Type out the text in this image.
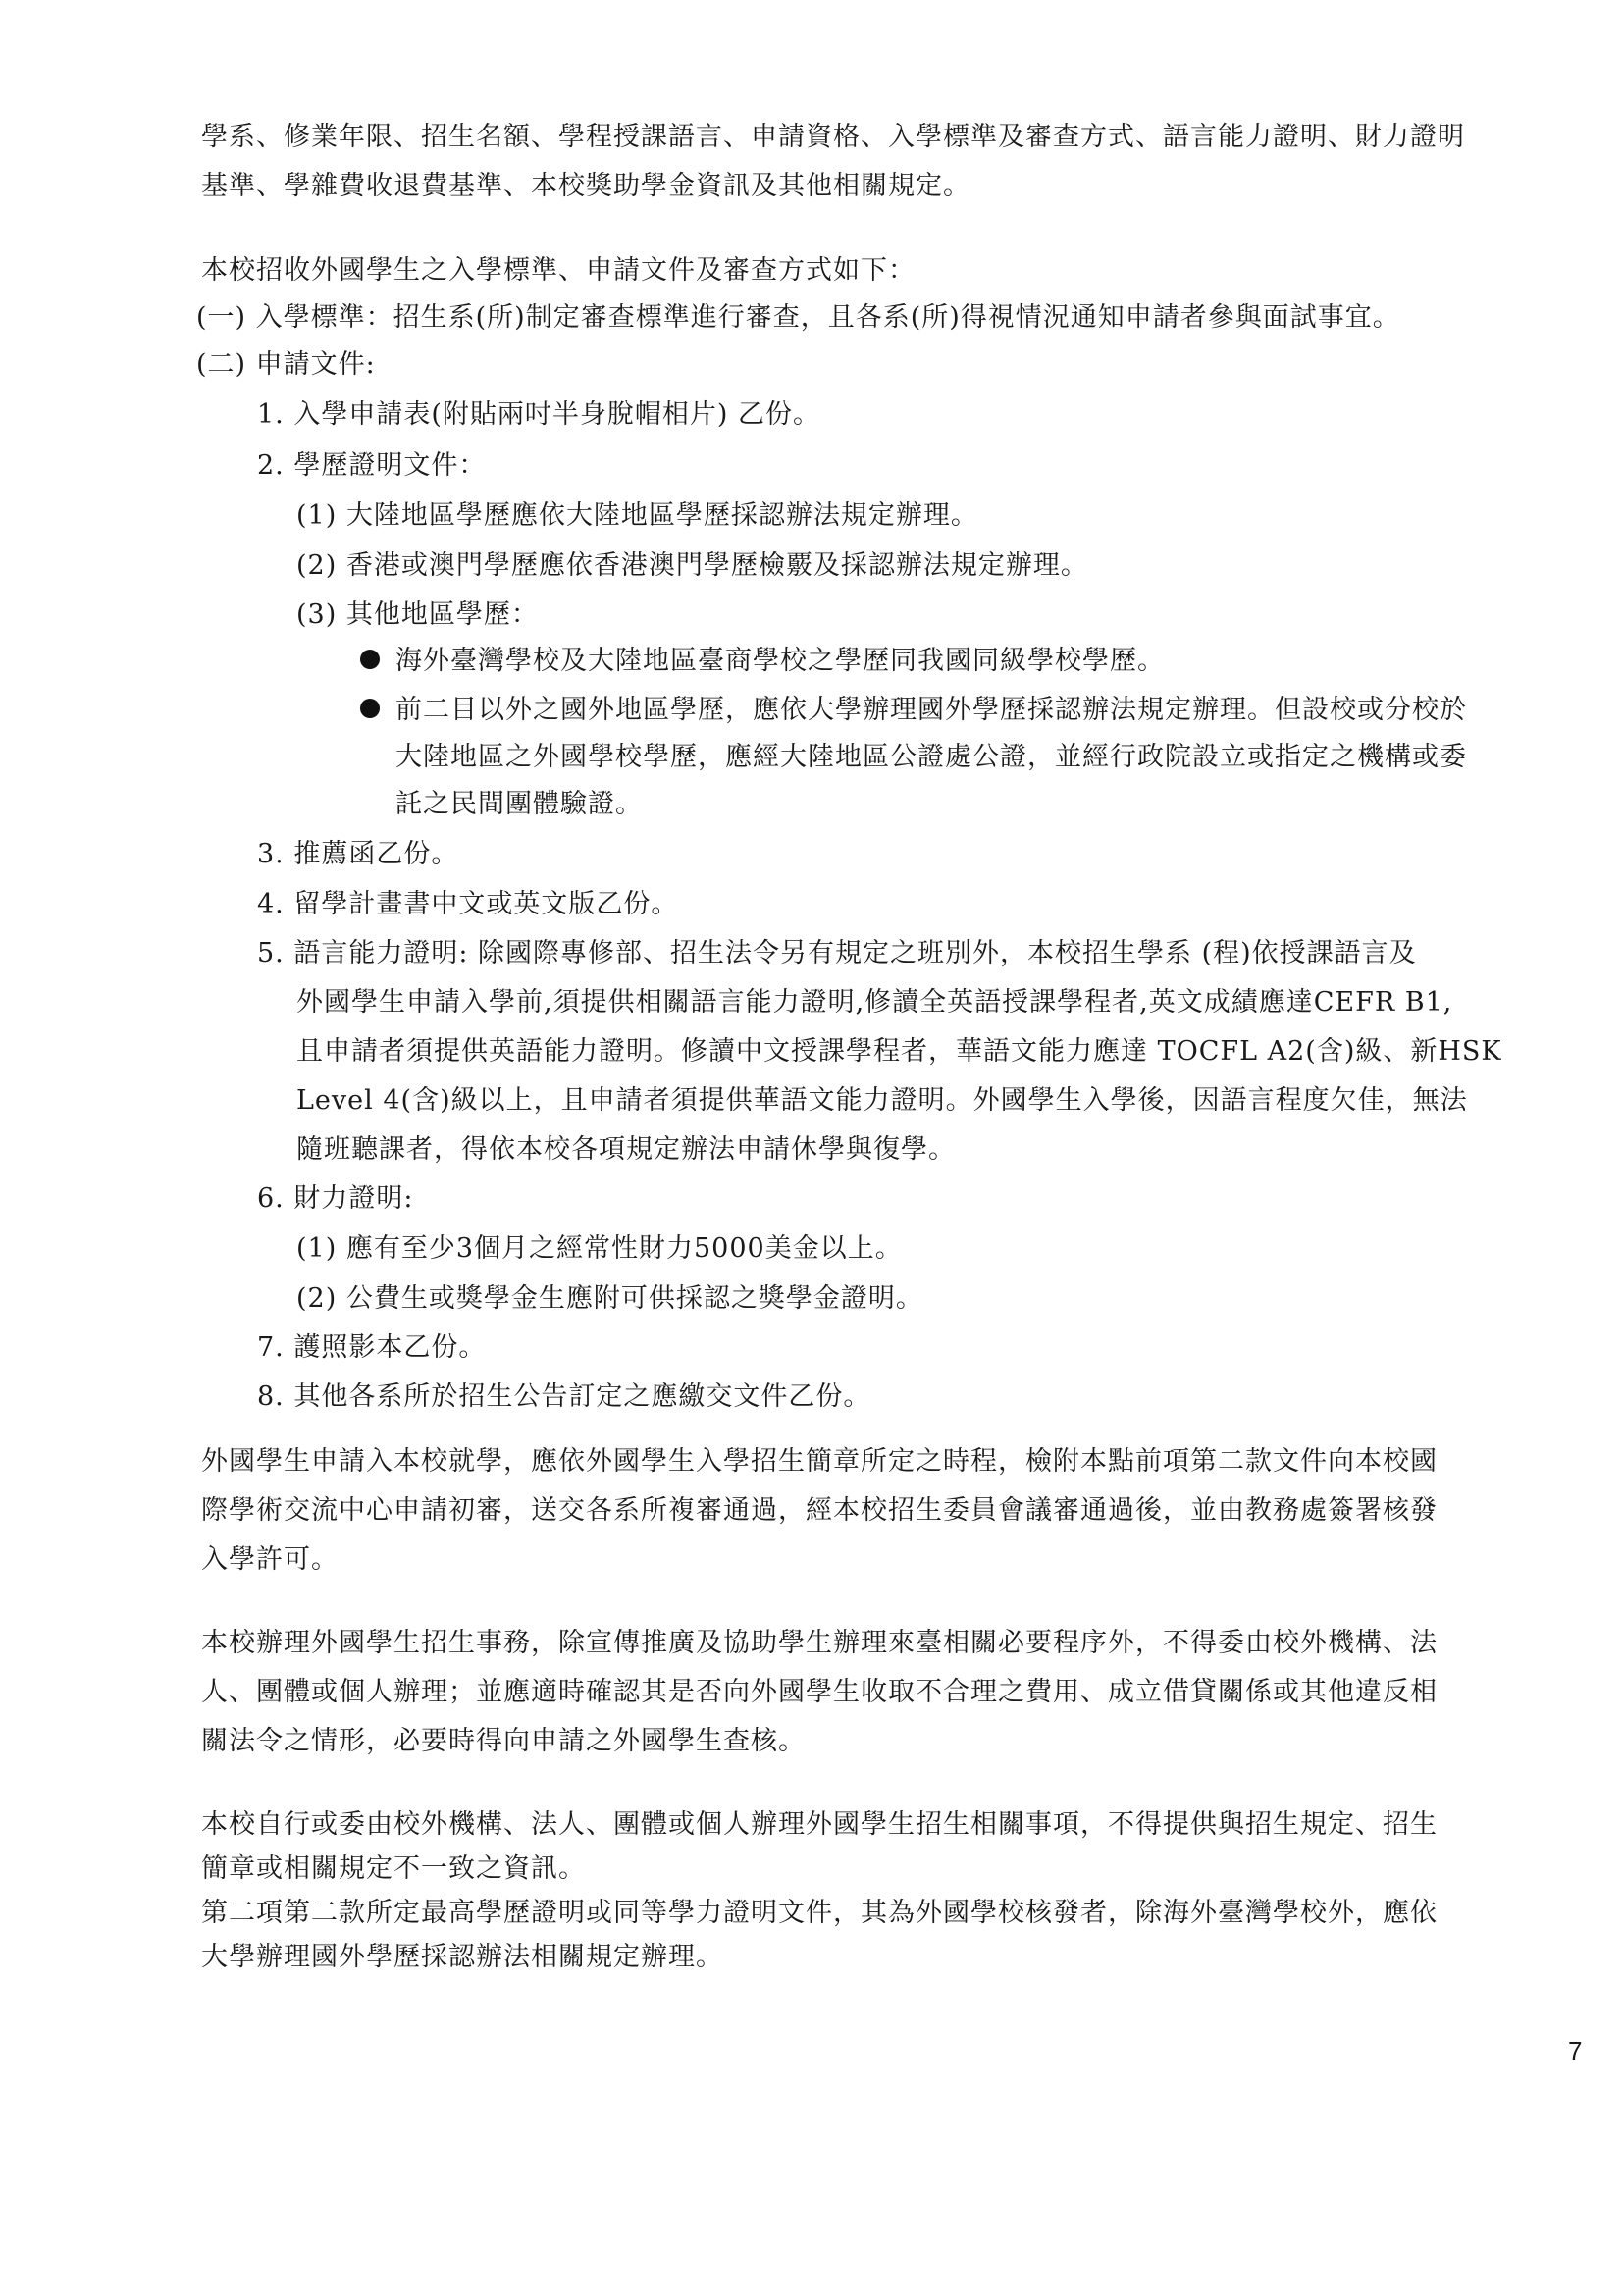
學系、修業年限、招生名額、學程授課語言、申請資格、入學標準及審查方式、語言能力證明、財力證明
基準、學雜費收退費基準、本校獎助學金資訊及其他相關規定。
本校招收外國學生之入學標準、申請文件及審查方式如下：
(一) 入學標準：招生系(所)制定審查標準進行審查，且各系(所)得視情況通知申請者參與面試事宜。
(二) 申請文件:
1. 入學申請表(附貼兩吋半身脫帽相片) 乙份。
2. 學歷證明文件：
(1) 大陸地區學歷應依大陸地區學歷採認辦法規定辦理。
(2) 香港或澳門學歷應依香港澳門學歷檢覈及採認辦法規定辦理。
(3) 其他地區學歷：
海外臺灣學校及大陸地區臺商學校之學歷同我國同級學校學歷。
前二目以外之國外地區學歷，應依大學辦理國外學歷採認辦法規定辦理。但設校或分校於
大陸地區之外國學校學歷，應經大陸地區公證處公證，並經行政院設立或指定之機構或委
託之民間團體驗證。
3. 推薦函乙份。
4. 留學計畫書中文或英文版乙份。
5. 語言能力證明: 除國際專修部、招生法令另有規定之班別外，本校招生學系 (程)依授課語言及
外國學生申請入學前,須提供相關語言能力證明,修讀全英語授課學程者,英文成績應達CEFR B1,
且申請者須提供英語能力證明。修讀中文授課學程者，華語文能力應達 TOCFL A2(含)級、新HSK
Level 4(含)級以上，且申請者須提供華語文能力證明。外國學生入學後，因語言程度欠佳，無法
隨班聽課者，得依本校各項規定辦法申請休學與復學。
6. 財力證明:
(1) 應有至少3個月之經常性財力5000美金以上。
(2) 公費生或獎學金生應附可供採認之獎學金證明。
7. 護照影本乙份。
8. 其他各系所於招生公告訂定之應繳交文件乙份。
外國學生申請入本校就學，應依外國學生入學招生簡章所定之時程，檢附本點前項第二款文件向本校國
際學術交流中心申請初審，送交各系所複審通過，經本校招生委員會議審通過後，並由教務處簽署核發
入學許可。
本校辦理外國學生招生事務，除宣傳推廣及協助學生辦理來臺相關必要程序外，不得委由校外機構、法
人、團體或個人辦理；並應適時確認其是否向外國學生收取不合理之費用、成立借貸關係或其他違反相
關法令之情形，必要時得向申請之外國學生查核。
本校自行或委由校外機構、法人、團體或個人辦理外國學生招生相關事項，不得提供與招生規定、招生
簡章或相關規定不一致之資訊。
第二項第二款所定最高學歷證明或同等學力證明文件，其為外國學校核發者，除海外臺灣學校外，應依
大學辦理國外學歷採認辦法相關規定辦理。
7
